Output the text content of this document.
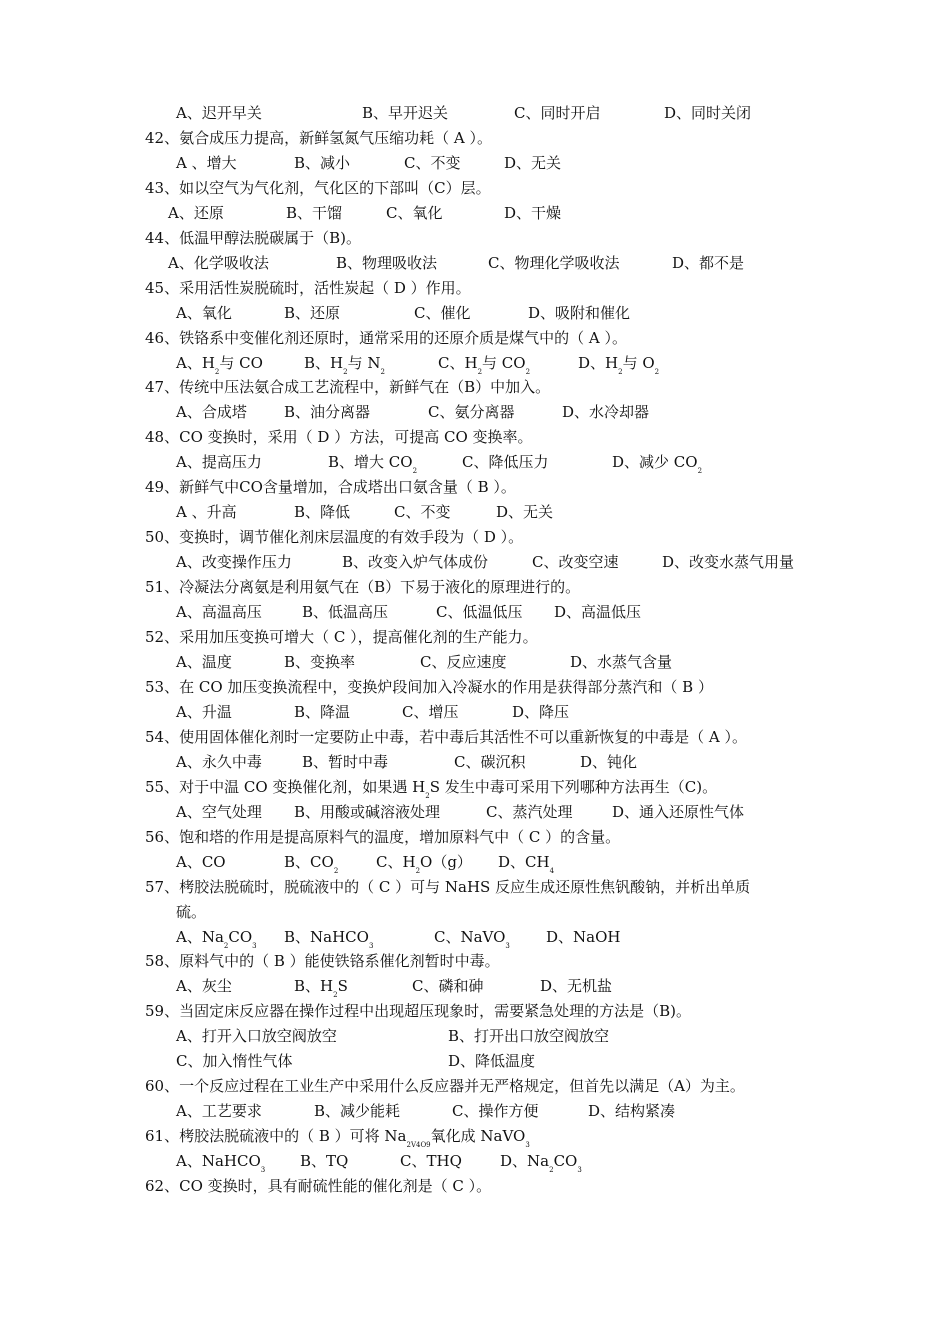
A、迟开早关	B、早开迟关	C、同时开启	D、同时关闭
42、氨合成压力提高，新鲜氢氮气压缩功耗（ A ）。
A 、增大	B、减小	C、不变	D、无关
43、如以空气为气化剂，气化区的下部叫（C）层。
A、还原	B、干馏	C、氧化	D、干燥
44、低温甲醇法脱碳属于（B)。
A、化学吸收法	B、物理吸收法	C、物理化学吸收法	D、都不是
45、采用活性炭脱硫时，活性炭起（ D ）作用。
A、氧化	B、还原	C、催化	D、吸附和催化
46、铁铬系中变催化剂还原时，通常采用的还原介质是煤气中的（ A ）。
A、$H_2$与 CO	B、$H_2$与 $N_2$	C、$H_2$与 $CO_2$	D、$H_2$与 $O_2$
47、传统中压法氨合成工艺流程中，新鲜气在（B）中加入。
A、合成塔 B、油分离器	C、氨分离器	D、水冷却器
48、CO 变换时，采用（ D ）方法，可提高 CO 变换率。
A、提高压力	B、增大 $CO_2$	C、降低压力	D、减少 $CO_2$
49、新鲜气中CO含量增加，合成塔出口氨含量（ B ）。
A 、升高	B、降低	C、不变	D、无关
50、变换时，调节催化剂床层温度的有效手段为（ D ）。
A、改变操作压力	B、改变入炉气体成份	C、改变空速	D、改变水蒸气用量
51、冷凝法分离氨是利用氨气在（B）下易于液化的原理进行的。
A、高温高压	B、低温高压	C、低温低压 D、高温低压
52、采用加压变换可增大（ C ），提高催化剂的生产能力。
A、温度	B、变换率	C、反应速度	D、水蒸气含量
53、在 CO 加压变换流程中，变换炉段间加入冷凝水的作用是获得部分蒸汽和（ B ）
A、升温	B、降温	C、增压	D、降压
54、使用固体催化剂时一定要防止中毒，若中毒后其活性不可以重新恢复的中毒是（ A ）。
A、永久中毒	B、暂时中毒	C、碳沉积	D、钝化
55、对于中温 CO 变换催化剂，如果遇 $H_2S$ 发生中毒可采用下列哪种方法再生（C)。
A、空气处理 B、用酸或碱溶液处理	C、蒸汽处理	D、通入还原性气体
56、饱和塔的作用是提高原料气的温度，增加原料气中（ C ）的含量。
A、CO	B、$CO_2$	C、$H_2O(g)$ D、$CH_4$
57、栲胶法脱硫时，脱硫液中的（ C ）可与 NaHS 反应生成还原性焦钒酸钠，并析出单质
硫。
A、$Na_2CO_3$ B、NaHCO$_3$	C、NaVO$_3$ D、NaOH
58、原料气中的（ B ）能使铁铬系催化剂暂时中毒。
A、灰尘	B、$H_2S$	C、磷和砷	D、无机盐
59、当固定床反应器在操作过程中出现超压现象时，需要紧急处理的方法是（B)。
A、打开入口放空阀放空	B、打开出口放空阀放空
C、加入惰性气体	D、降低温度
60、一个反应过程在工业生产中采用什么反应器并无严格规定，但首先以满足（A）为主。
A、工艺要求	B、减少能耗	C、操作方便	D、结构紧凑
61、栲胶法脱硫液中的（ B ）可将 $Na_{2V4O9}$氧化成 NaVO$_3$
A、NaHCO$_3$ B、TQ	C、THQ	D、$Na_2CO_3$
62、CO 变换时，具有耐硫性能的催化剂是（ C ）。
